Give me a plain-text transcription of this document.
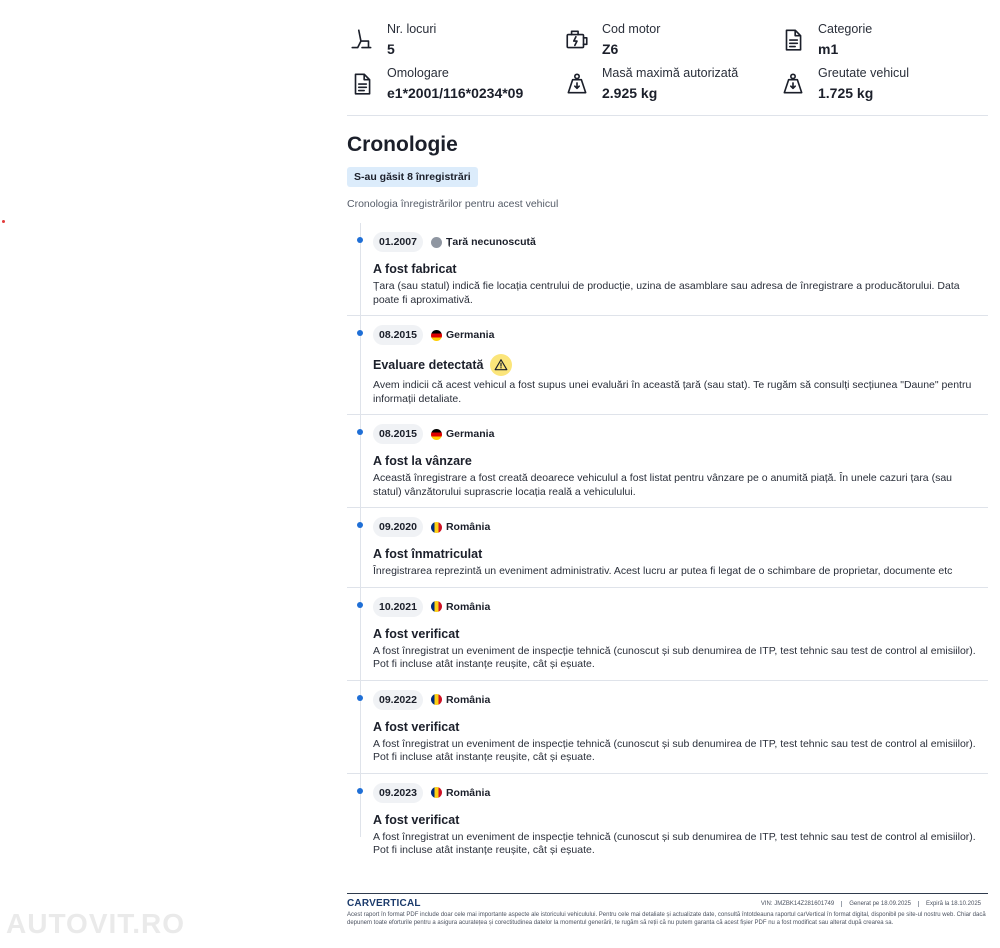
Nr. locuri
5
Cod motor
Z6
Categorie
m1
Omologare
e1*2001/116*0234*09
Masă maximă autorizată
2.925 kg
Greutate vehicul
1.725 kg
Cronologie
S-au găsit 8 înregistrări

Cronologia înregistrărilor pentru acest vehicul

01.2007	Țară necunoscută
A fost fabricat

Țara (sau statul) indică fie locația centrului de producție, uzina de asamblare sau adresa de înregistrare a producătorului. Data poate fi aproximativă.

08.2015	Germania
Evaluare detectată

Avem indicii că acest vehicul a fost supus unei evaluări în această țară (sau stat). Te rugăm să consulți secțiunea "Daune" pentru informații detaliate.

08.2015	Germania
A fost la vânzare

Această înregistrare a fost creată deoarece vehiculul a fost listat pentru vânzare pe o anumită piață. În unele cazuri țara (sau statul) vânzătorului suprascrie locația reală a vehiculului.

09.2020	România
A fost înmatriculat

Înregistrarea reprezintă un eveniment administrativ. Acest lucru ar putea fi legat de o schimbare de proprietar, documente etc

10.2021	România
A fost verificat

A fost înregistrat un eveniment de inspecție tehnică (cunoscut și sub denumirea de ITP, test tehnic sau test de control al emisiilor). Pot fi incluse atât instanțe reușite, cât și eșuate.

09.2022	România
A fost verificat

A fost înregistrat un eveniment de inspecție tehnică (cunoscut și sub denumirea de ITP, test tehnic sau test de control al emisiilor). Pot fi incluse atât instanțe reușite, cât și eșuate.

09.2023	România
A fost verificat

A fost înregistrat un eveniment de inspecție tehnică (cunoscut și sub denumirea de ITP, test tehnic sau test de control al emisiilor). Pot fi incluse atât instanțe reușite, cât și eșuate.

CARVERTICAL	VIN: JMZBK14Z281601749	Generat pe 18.09.2025	Expiră la 18.10.2025

Acest raport în format PDF include doar cele mai importante aspecte ale istoricului vehiculului. Pentru cele mai detaliate și actualizate date, consultă întotdeauna raportul carVertical în format digital, disponibil pe site-ul nostru web. Chiar dacă depunem toate eforturile pentru a asigura acuratețea și corectitudinea datelor la momentul generării, te rugăm să reții că nu putem garanta că acest fișier PDF nu a fost modificat sau alterat după crearea sa.

AUTOVIT.RO
